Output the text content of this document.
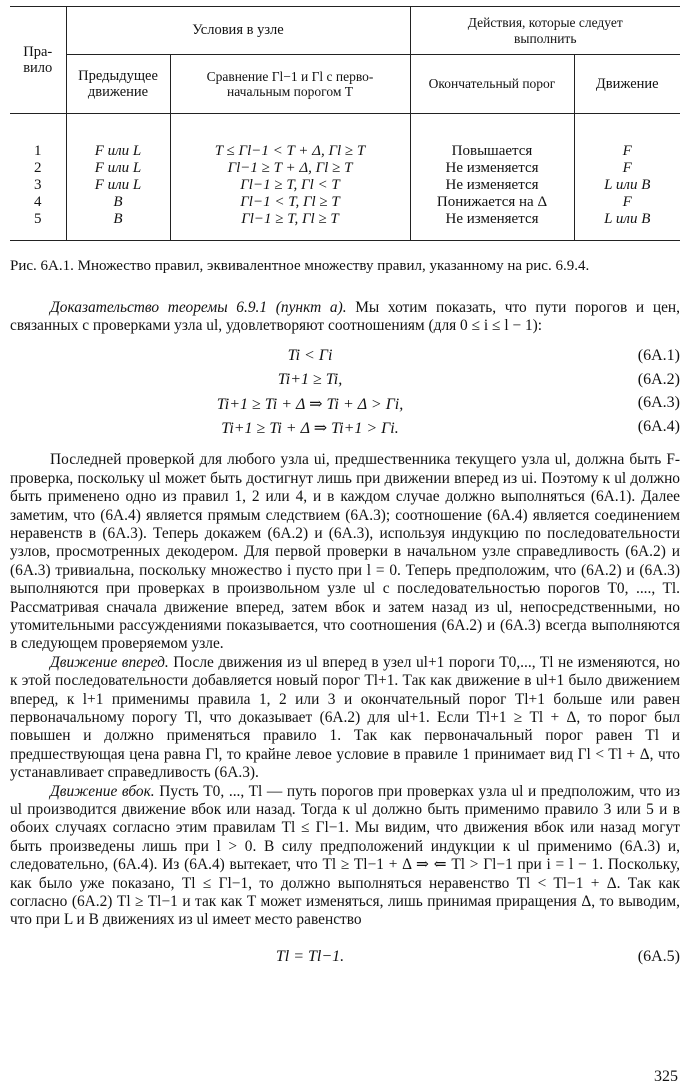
Пра-
вило	Условия в узле		Действия, которые следует
выполнить	
	Предыдущее
движение	Сравнение Γl−1 и Γl с перво-
начальным порогом T	Окончательный порог	Движение

1	F или L	T ≤ Γl−1 < T + Δ, Γl ≥ T	Повышается	F
2	F или L	Γl−1 ≥ T + Δ, Γl ≥ T	Не изменяется	F
3	F или L	Γl−1 ≥ T, Γl < T	Не изменяется	L или B
4	B	Γl−1 < T, Γl ≥ T	Понижается на Δ	F
5	B	Γl−1 ≥ T, Γl ≥ T	Не изменяется	L или B

Рис. 6А.1. Множество правил, эквивалентное множеству правил, указанному на рис. 6.9.4.

Доказательство теоремы 6.9.1 (пункт а). Мы хотим показать, что пути порогов и цен, связанных с проверками узла ul, удовлетворяют соотношениям (для 0 ≤ i ≤ l − 1):

Ti < Γi	(6А.1)
Ti+1 ≥ Ti,	(6А.2)
Ti+1 ≥ Ti + Δ ⇒ Ti + Δ > Γi,	(6А.3)
Ti+1 ≥ Ti + Δ ⇒ Ti+1 > Γi.	(6А.4)

Последней проверкой для любого узла ui, предшественника текущего узла ul, должна быть F-проверка, поскольку ul может быть достигнут лишь при движении вперед из ui. Поэтому к ul должно быть применено одно из правил 1, 2 или 4, и в каждом случае должно выполняться (6А.1). Далее заметим, что (6А.4) является прямым следствием (6А.3); соотношение (6А.4) является соединением неравенств в (6А.3). Теперь докажем (6А.2) и (6А.3), используя индукцию по последовательности узлов, просмотренных декодером. Для первой проверки в начальном узле справедливость (6А.2) и (6А.3) тривиальна, поскольку множество i пусто при l = 0. Теперь предположим, что (6А.2) и (6А.3) выполняются при проверках в произвольном узле ul с последовательностью порогов T0, ...., Tl. Рассматривая сначала движение вперед, затем вбок и затем назад из ul, непосредственными, но утомительными рассуждениями показывается, что соотношения (6А.2) и (6А.3) всегда выполняются в следующем проверяемом узле.

Движение вперед. После движения из ul вперед в узел ul+1 пороги T0,..., Tl не изменяются, но к этой последовательности добавляется новый порог Tl+1. Так как движение в ul+1 было движением вперед, к l+1 применимы правила 1, 2 или 3 и окончательный порог Tl+1 больше или равен первоначальному порогу Tl, что доказывает (6А.2) для ul+1. Если Tl+1 ≥ Tl + Δ, то порог был повышен и должно применяться правило 1. Так как первоначальный порог равен Tl и предшествующая цена равна Γl, то крайне левое условие в правиле 1 принимает вид Γl < Tl + Δ, что устанавливает справедливость (6А.3).

Движение вбок. Пусть T0, ..., Tl — путь порогов при проверках узла ul и предположим, что из ul производится движение вбок или назад. Тогда к ul должно быть применимо правило 3 или 5 и в обоих случаях согласно этим правилам Tl ≤ Γl−1. Мы видим, что движения вбок или назад могут быть произведены лишь при l > 0. В силу предположений индукции к ul применимо (6А.3) и, следовательно, (6А.4). Из (6А.4) вытекает, что Tl ≥ Tl−1 + Δ ⇒ ⇐ Tl > Γl−1 при i = l − 1. Поскольку, как было уже показано, Tl ≤ Γl−1, то должно выполняться неравенство Tl < Tl−1 + Δ. Так как согласно (6А.2) Tl ≥ Tl−1 и так как T может изменяться, лишь принимая приращения Δ, то выводим, что при L и B движениях из ul имеет место равенство

Tl = Tl−1.	(6А.5)
325
